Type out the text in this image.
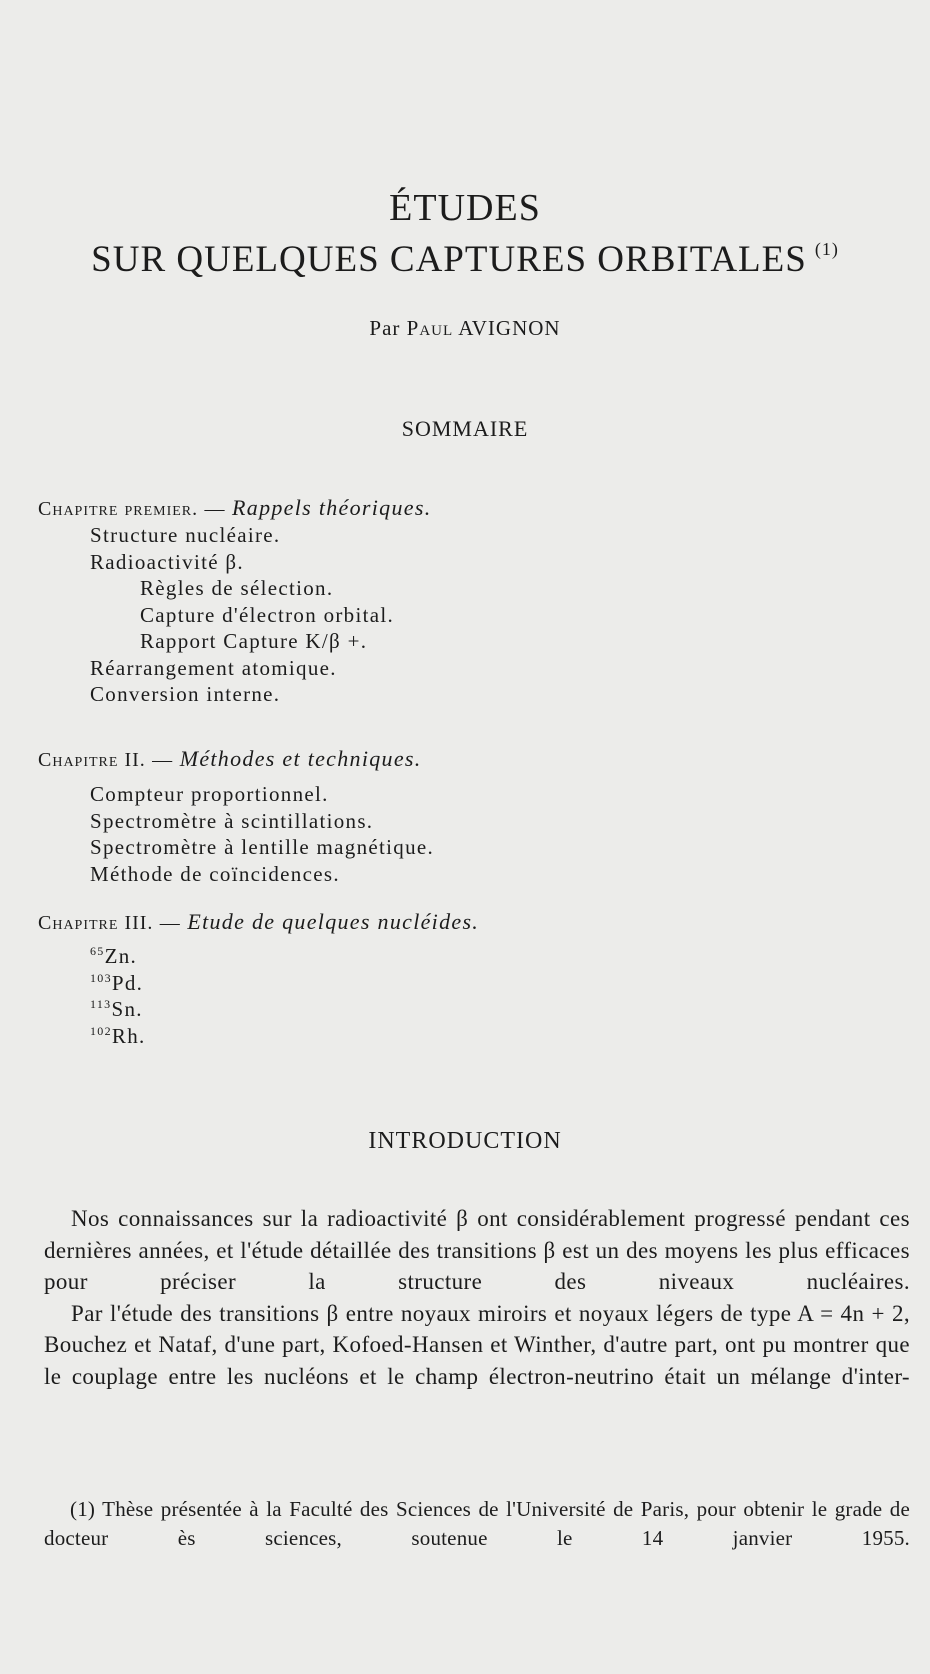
ÉTUDES
SUR QUELQUES CAPTURES ORBITALES $^{(1)}$
Par Paul AVIGNON
SOMMAIRE
Chapitre premier. — Rappels théoriques.
Structure nucléaire.
Radioactivité β.
Règles de sélection.
Capture d'électron orbital.
Rapport Capture K/β +.
Réarrangement atomique.
Conversion interne.
Chapitre II. — Méthodes et techniques.
Compteur proportionnel.
Spectromètre à scintillations.
Spectromètre à lentille magnétique.
Méthode de coïncidences.
Chapitre III. — Etude de quelques nucléides.
$^{65}$Zn.
$^{103}$Pd.
$^{113}$Sn.
$^{102}$Rh.
INTRODUCTION

Nos connaissances sur la radioactivité β ont considérablement progressé pendant ces dernières années, et l'étude détaillée des transitions β est un des moyens les plus efficaces pour préciser la structure des niveaux nucléaires.

Par l'étude des transitions β entre noyaux miroirs et noyaux légers de type A = 4n + 2, Bouchez et Nataf, d'une part, Kofoed-Hansen et Winther, d'autre part, ont pu montrer que le couplage entre les nucléons et le champ électron-neutrino était un mélange d'inter-

(1) Thèse présentée à la Faculté des Sciences de l'Université de Paris, pour obtenir le grade de docteur ès sciences, soutenue le 14 janvier 1955.
